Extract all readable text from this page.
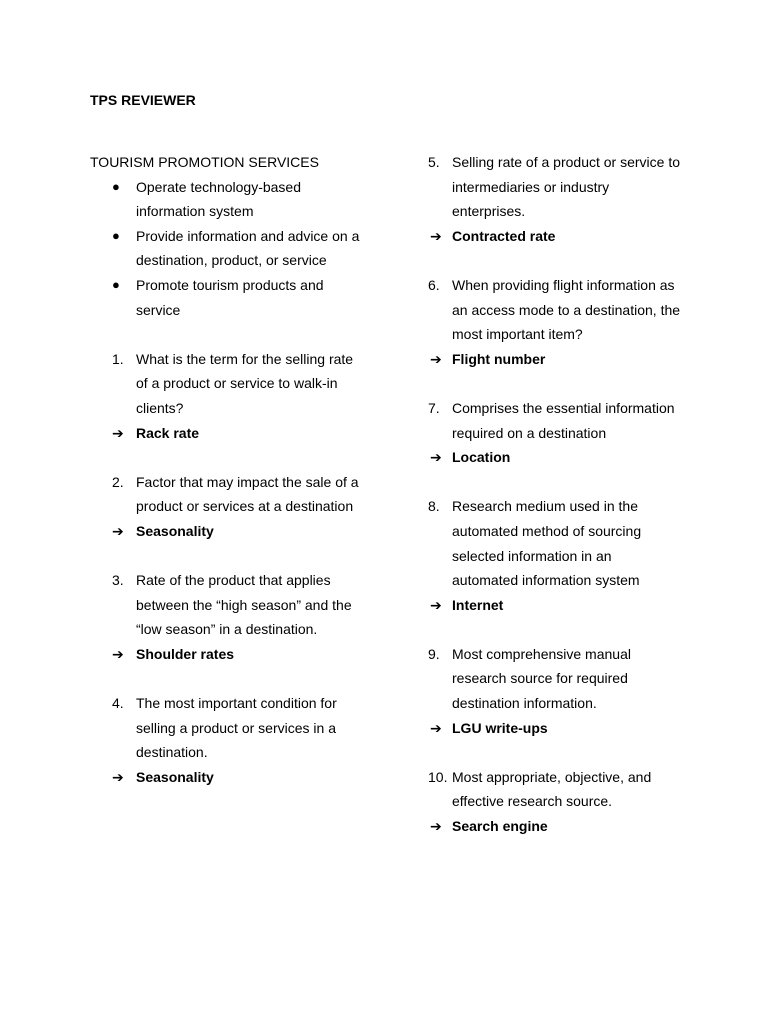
TPS REVIEWER
TOURISM PROMOTION SERVICES
● Operate technology-based
information system
● Provide information and advice on a
destination, product, or service
● Promote tourism products and
service
1. What is the term for the selling rate
of a product or service to walk-in
clients?
➔ Rack rate
2. Factor that may impact the sale of a
product or services at a destination
➔ Seasonality
3. Rate of the product that applies
between the “high season” and the
“low season” in a destination.
➔ Shoulder rates
4. The most important condition for
selling a product or services in a
destination.
➔ Seasonality
5. Selling rate of a product or service to
intermediaries or industry
enterprises.
➔ Contracted rate
6. When providing flight information as
an access mode to a destination, the
most important item?
➔ Flight number
7. Comprises the essential information
required on a destination
➔ Location
8. Research medium used in the
automated method of sourcing
selected information in an
automated information system
➔ Internet
9. Most comprehensive manual
research source for required
destination information.
➔ LGU write-ups
10. Most appropriate, objective, and
effective research source.
➔ Search engine
